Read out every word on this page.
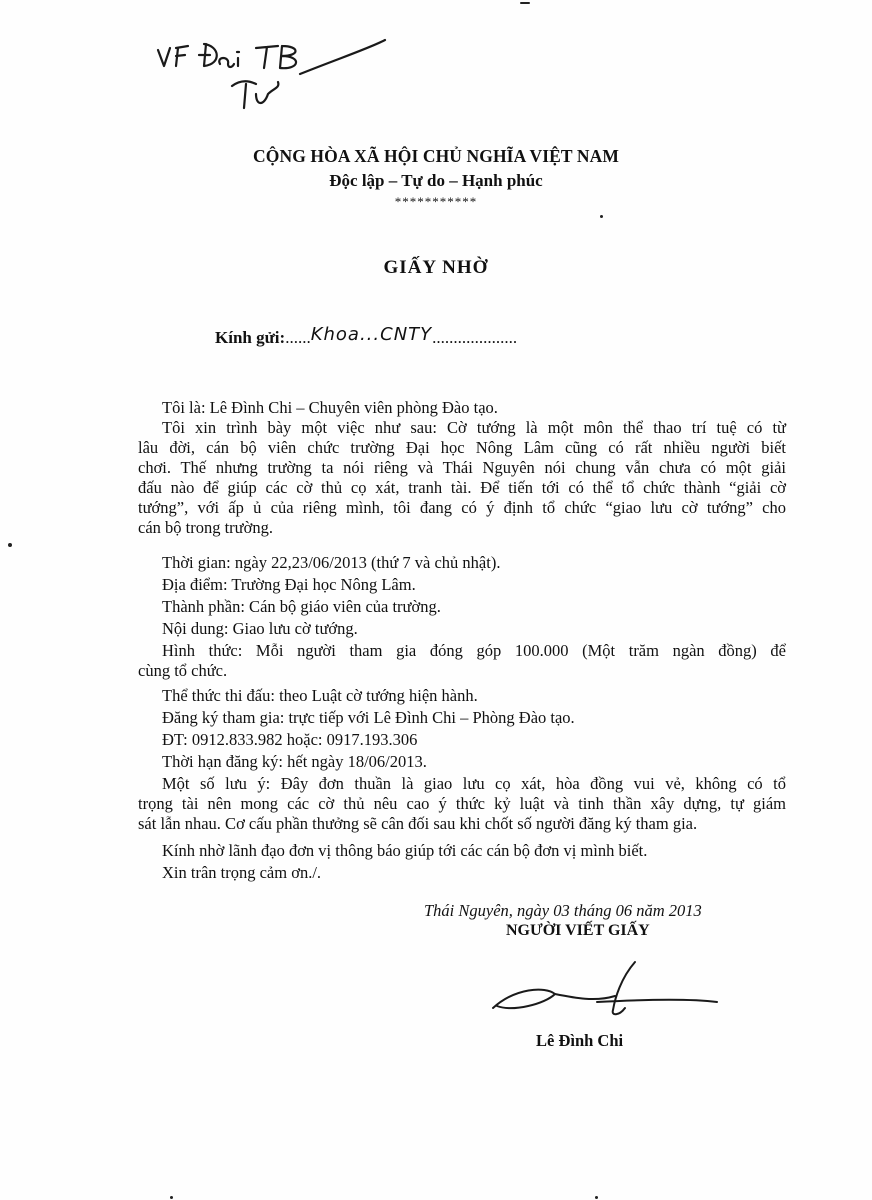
CỘNG HÒA XÃ HỘI CHỦ NGHĨA VIỆT NAM
Độc lập – Tự do – Hạnh phúc
***********
GIẤY NHỜ
Kính gửi:......Khoa...CNTY....................
Tôi là: Lê Đình Chi – Chuyên viên phòng Đào tạo.
Tôi xin trình bày một việc như sau: Cờ tướng là một môn thể thao trí tuệ có từ
lâu đời, cán bộ viên chức trường Đại học Nông Lâm cũng có rất nhiều người biết
chơi. Thế nhưng trường ta nói riêng và Thái Nguyên nói chung vẫn chưa có một giải
đấu nào để giúp các cờ thủ cọ xát, tranh tài. Để tiến tới có thể tổ chức thành “giải cờ
tướng”, với ấp ủ của riêng mình, tôi đang có ý định tổ chức “giao lưu cờ tướng” cho
cán bộ trong trường.
Thời gian: ngày 22,23/06/2013 (thứ 7 và chủ nhật).
Địa điểm: Trường Đại học Nông Lâm.
Thành phần: Cán bộ giáo viên của trường.
Nội dung: Giao lưu cờ tướng.
Hình thức: Mỗi người tham gia đóng góp 100.000 (Một trăm ngàn đồng) để
cùng tổ chức.
Thể thức thi đấu: theo Luật cờ tướng hiện hành.
Đăng ký tham gia: trực tiếp với Lê Đình Chi – Phòng Đào tạo.
ĐT: 0912.833.982 hoặc: 0917.193.306
Thời hạn đăng ký: hết ngày 18/06/2013.
Một số lưu ý: Đây đơn thuần là giao lưu cọ xát, hòa đồng vui vẻ, không có tổ
trọng tài nên mong các cờ thủ nêu cao ý thức kỷ luật và tinh thần xây dựng, tự giám
sát lẫn nhau. Cơ cấu phần thưởng sẽ cân đối sau khi chốt số người đăng ký tham gia.
Kính nhờ lãnh đạo đơn vị thông báo giúp tới các cán bộ đơn vị mình biết.
Xin trân trọng cảm ơn./.
Thái Nguyên, ngày 03 tháng 06 năm 2013
NGƯỜI VIẾT GIẤY
Lê Đình Chi
